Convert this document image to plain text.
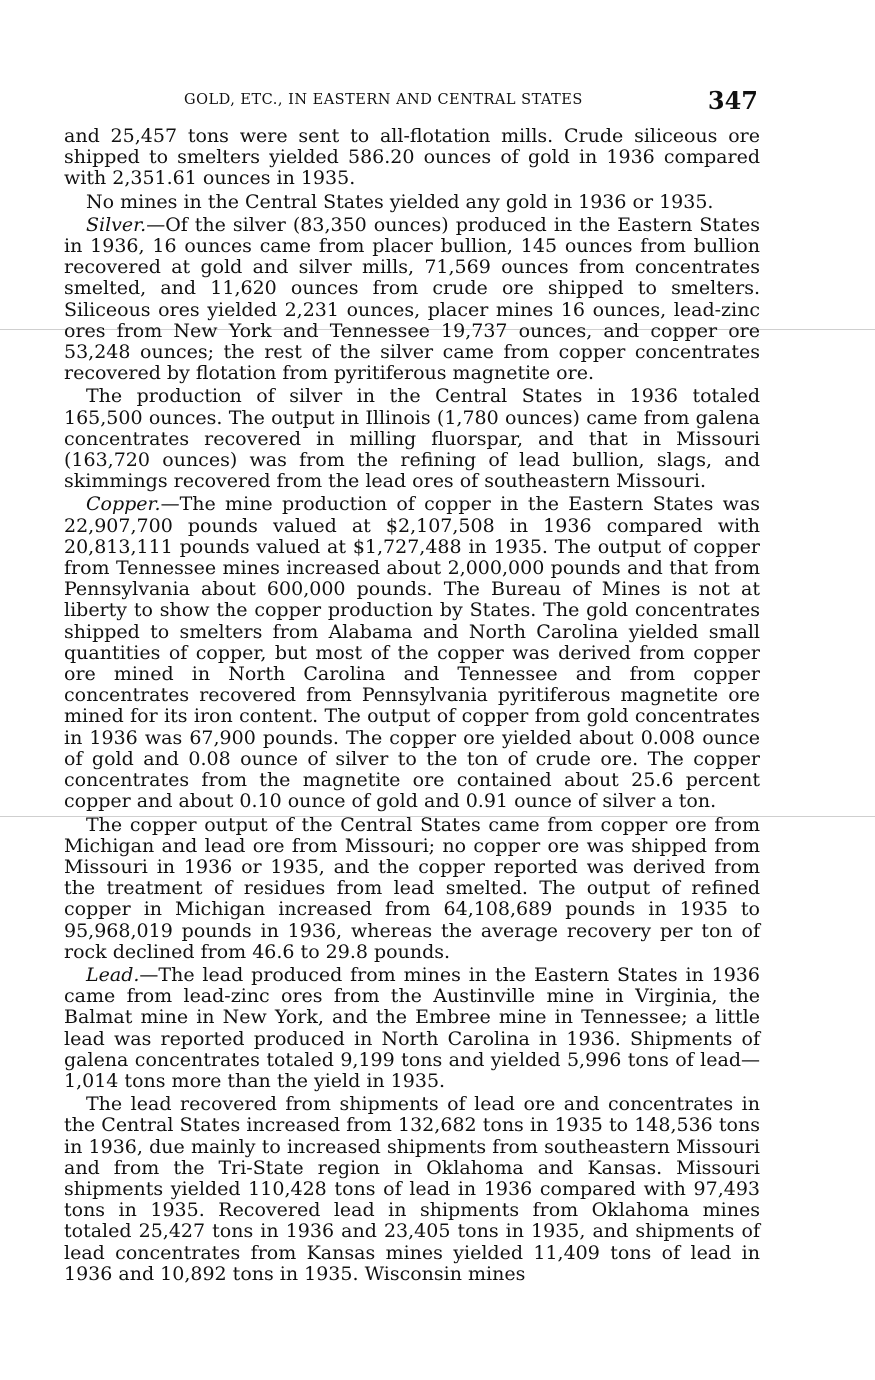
GOLD, ETC., IN EASTERN AND CENTRAL STATES	347

and 25,457 tons were sent to all-flotation mills. Crude siliceous ore shipped to smelters yielded 586.20 ounces of gold in 1936 compared with 2,351.61 ounces in 1935.

No mines in the Central States yielded any gold in 1936 or 1935.

Silver.—Of the silver (83,350 ounces) produced in the Eastern States in 1936, 16 ounces came from placer bullion, 145 ounces from bullion recovered at gold and silver mills, 71,569 ounces from concentrates smelted, and 11,620 ounces from crude ore shipped to smelters. Siliceous ores yielded 2,231 ounces, placer mines 16 ounces, lead-zinc ores from New York and Tennessee 19,737 ounces, and copper ore 53,248 ounces; the rest of the silver came from copper concentrates recovered by flotation from pyritiferous magnetite ore.

The production of silver in the Central States in 1936 totaled 165,500 ounces. The output in Illinois (1,780 ounces) came from galena concentrates recovered in milling fluorspar, and that in Missouri (163,720 ounces) was from the refining of lead bullion, slags, and skimmings recovered from the lead ores of southeastern Missouri.

Copper.—The mine production of copper in the Eastern States was 22,907,700 pounds valued at $2,107,508 in 1936 compared with 20,813,111 pounds valued at $1,727,488 in 1935. The output of copper from Tennessee mines increased about 2,000,000 pounds and that from Pennsylvania about 600,000 pounds. The Bureau of Mines is not at liberty to show the copper production by States. The gold concentrates shipped to smelters from Alabama and North Carolina yielded small quantities of copper, but most of the copper was derived from copper ore mined in North Carolina and Tennessee and from copper concentrates recovered from Pennsylvania pyritiferous magnetite ore mined for its iron content. The output of copper from gold concentrates in 1936 was 67,900 pounds. The copper ore yielded about 0.008 ounce of gold and 0.08 ounce of silver to the ton of crude ore. The copper concentrates from the magnetite ore contained about 25.6 percent copper and about 0.10 ounce of gold and 0.91 ounce of silver a ton.

The copper output of the Central States came from copper ore from Michigan and lead ore from Missouri; no copper ore was shipped from Missouri in 1936 or 1935, and the copper reported was derived from the treatment of residues from lead smelted. The output of refined copper in Michigan increased from 64,108,689 pounds in 1935 to 95,968,019 pounds in 1936, whereas the average recovery per ton of rock declined from 46.6 to 29.8 pounds.

Lead.—The lead produced from mines in the Eastern States in 1936 came from lead-zinc ores from the Austinville mine in Virginia, the Balmat mine in New York, and the Embree mine in Tennessee; a little lead was reported produced in North Carolina in 1936. Shipments of galena concentrates totaled 9,199 tons and yielded 5,996 tons of lead—1,014 tons more than the yield in 1935.

The lead recovered from shipments of lead ore and concentrates in the Central States increased from 132,682 tons in 1935 to 148,536 tons in 1936, due mainly to increased shipments from southeastern Missouri and from the Tri-State region in Oklahoma and Kansas. Missouri shipments yielded 110,428 tons of lead in 1936 compared with 97,493 tons in 1935. Recovered lead in shipments from Oklahoma mines totaled 25,427 tons in 1936 and 23,405 tons in 1935, and shipments of lead concentrates from Kansas mines yielded 11,409 tons of lead in 1936 and 10,892 tons in 1935. Wisconsin mines
